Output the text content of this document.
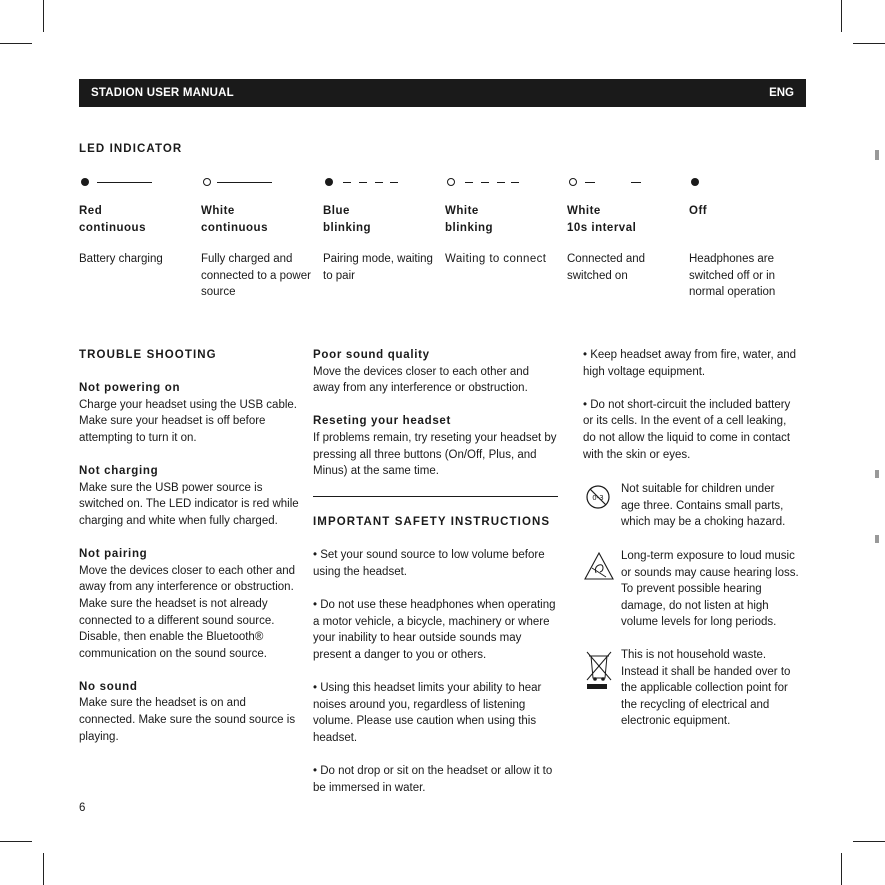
STADION USER MANUAL	ENG
LED INDICATOR
Red
continuous
Battery charging
White
continuous
Fully charged and connected to a power source
Blue
blinking
Pairing mode, waiting to pair
White
blinking
Waiting to connect
White
10s interval
Connected and switched on
Off
Headphones are switched off or in normal operation
TROUBLE SHOOTING
Not powering on
Charge your headset using the USB cable. Make sure your headset is off before attempting to turn it on.
Not charging
Make sure the USB power source is switched on. The LED indicator is red while charging and white when fully charged.
Not pairing
Move the devices closer to each other and away from any interference or obstruction. Make sure the headset is not already connected to a different sound source. Disable, then enable the Bluetooth® communication on the sound source.
No sound
Make sure the headset is on and connected. Make sure the sound source is playing.
Poor sound quality
Move the devices closer to each other and away from any interference or obstruction.
Reseting your headset
If problems remain, try reseting your headset by pressing all three buttons (On/Off, Plus, and Minus) at the same time.
IMPORTANT SAFETY INSTRUCTIONS
• Set your sound source to low volume before using the headset.
• Do not use these headphones when operating a motor vehicle, a bicycle, machinery or where your inability to hear outside sounds may present a danger to you or others.
• Using this headset limits your ability to hear noises around you, regardless of listening volume. Please use caution when using this headset.
• Do not drop or sit on the headset or allow it to be immersed in water.
• Keep headset away from fire, water, and high voltage equipment.
• Do not short-circuit the included battery or its cells. In the event of a cell leaking, do not allow the liquid to come in contact with the skin or eyes.
0-3
Not suitable for children under age three. Contains small parts, which may be a choking hazard.
Long-term exposure to loud music or sounds may cause hearing loss. To prevent possible hearing damage, do not listen at high volume levels for long periods.
This is not household waste. Instead it shall be handed over to the applicable collection point for the recycling of electrical and electronic equipment.
6
